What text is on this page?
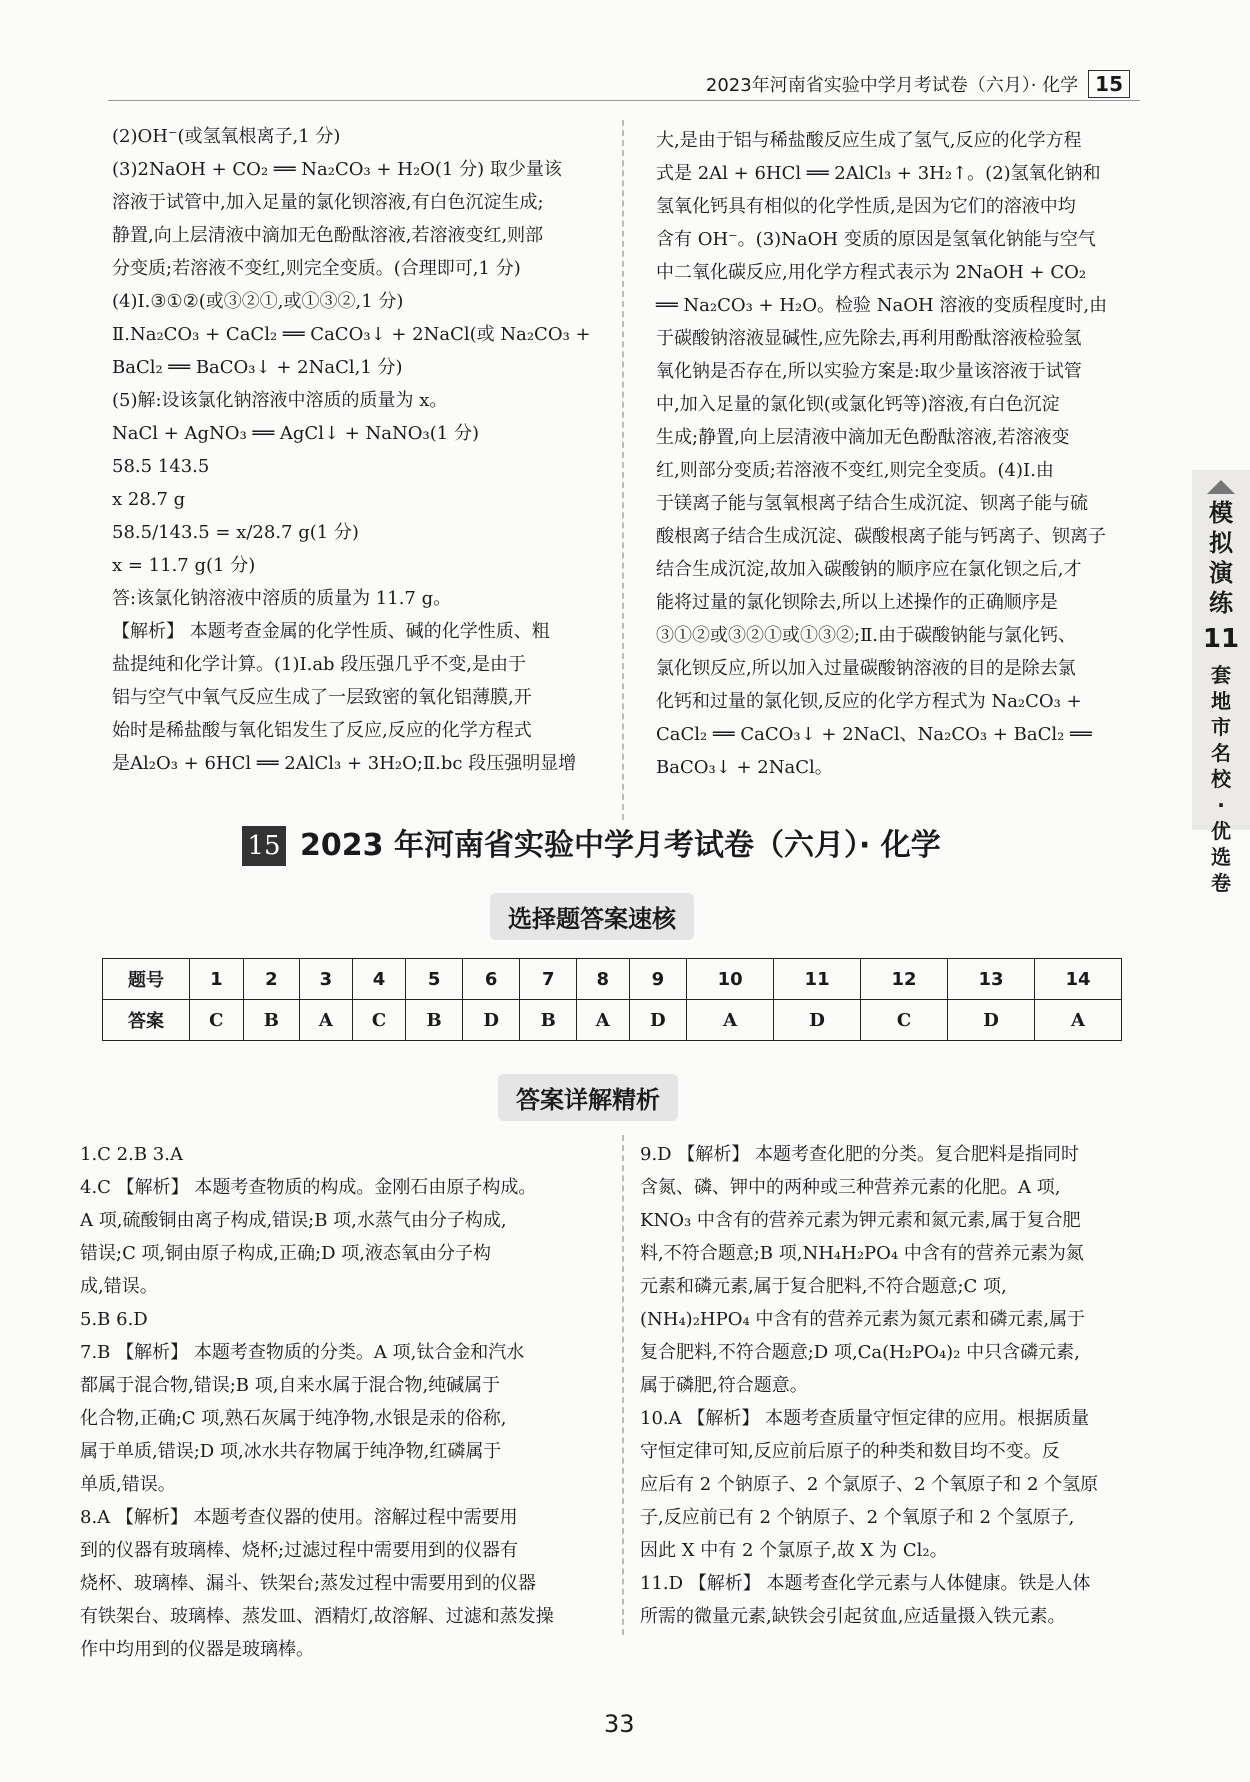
2023年河南省实验中学月考试卷（六月）· 化学 15

(2)OH⁻(或氢氧根离子,1 分)

(3)2NaOH + CO₂ ══ Na₂CO₃ + H₂O(1 分) 取少量该

溶液于试管中,加入足量的氯化钡溶液,有白色沉淀生成;

静置,向上层清液中滴加无色酚酞溶液,若溶液变红,则部

分变质;若溶液不变红,则完全变质。(合理即可,1 分)

(4)Ⅰ.③①②(或③②①,或①③②,1 分)

Ⅱ.Na₂CO₃ + CaCl₂ ══ CaCO₃↓ + 2NaCl(或 Na₂CO₃ +

BaCl₂ ══ BaCO₃↓ + 2NaCl,1 分)

(5)解:设该氯化钠溶液中溶质的质量为 x。

NaCl + AgNO₃ ══ AgCl↓ + NaNO₃(1 分)

58.5 143.5

x 28.7 g

58.5/143.5 = x/28.7 g(1 分)

x = 11.7 g(1 分)

答:该氯化钠溶液中溶质的质量为 11.7 g。

【解析】 本题考查金属的化学性质、碱的化学性质、粗

盐提纯和化学计算。(1)Ⅰ.ab 段压强几乎不变,是由于

铝与空气中氧气反应生成了一层致密的氧化铝薄膜,开

始时是稀盐酸与氧化铝发生了反应,反应的化学方程式

是Al₂O₃ + 6HCl ══ 2AlCl₃ + 3H₂O;Ⅱ.bc 段压强明显增

大,是由于铝与稀盐酸反应生成了氢气,反应的化学方程

式是 2Al + 6HCl ══ 2AlCl₃ + 3H₂↑。(2)氢氧化钠和

氢氧化钙具有相似的化学性质,是因为它们的溶液中均

含有 OH⁻。(3)NaOH 变质的原因是氢氧化钠能与空气

中二氧化碳反应,用化学方程式表示为 2NaOH + CO₂

══ Na₂CO₃ + H₂O。检验 NaOH 溶液的变质程度时,由

于碳酸钠溶液显碱性,应先除去,再利用酚酞溶液检验氢

氧化钠是否存在,所以实验方案是:取少量该溶液于试管

中,加入足量的氯化钡(或氯化钙等)溶液,有白色沉淀

生成;静置,向上层清液中滴加无色酚酞溶液,若溶液变

红,则部分变质;若溶液不变红,则完全变质。(4)Ⅰ.由

于镁离子能与氢氧根离子结合生成沉淀、钡离子能与硫

酸根离子结合生成沉淀、碳酸根离子能与钙离子、钡离子

结合生成沉淀,故加入碳酸钠的顺序应在氯化钡之后,才

能将过量的氯化钡除去,所以上述操作的正确顺序是

③①②或③②①或①③②;Ⅱ.由于碳酸钠能与氯化钙、

氯化钡反应,所以加入过量碳酸钠溶液的目的是除去氯

化钙和过量的氯化钡,反应的化学方程式为 Na₂CO₃ +

CaCl₂ ══ CaCO₃↓ + 2NaCl、Na₂CO₃ + BaCl₂ ══

BaCO₃↓ + 2NaCl。

模
拟
演
练
11
套
地
市
名
校
·
优
选
卷
15 2023 年河南省实验中学月考试卷（六月）· 化学
选择题答案速核
题号	1	2	3	4	5	6	7	8	9	10	11	12	13	14
答案	C	B	A	C	B	D	B	A	D	A	D	C	D	A
答案详解精析

1.C 2.B 3.A

4.C 【解析】 本题考查物质的构成。金刚石由原子构成。

A 项,硫酸铜由离子构成,错误;B 项,水蒸气由分子构成,

错误;C 项,铜由原子构成,正确;D 项,液态氧由分子构

成,错误。

5.B 6.D

7.B 【解析】 本题考查物质的分类。A 项,钛合金和汽水

都属于混合物,错误;B 项,自来水属于混合物,纯碱属于

化合物,正确;C 项,熟石灰属于纯净物,水银是汞的俗称,

属于单质,错误;D 项,冰水共存物属于纯净物,红磷属于

单质,错误。

8.A 【解析】 本题考查仪器的使用。溶解过程中需要用

到的仪器有玻璃棒、烧杯;过滤过程中需要用到的仪器有

烧杯、玻璃棒、漏斗、铁架台;蒸发过程中需要用到的仪器

有铁架台、玻璃棒、蒸发皿、酒精灯,故溶解、过滤和蒸发操

作中均用到的仪器是玻璃棒。

9.D 【解析】 本题考查化肥的分类。复合肥料是指同时

含氮、磷、钾中的两种或三种营养元素的化肥。A 项,

KNO₃ 中含有的营养元素为钾元素和氮元素,属于复合肥

料,不符合题意;B 项,NH₄H₂PO₄ 中含有的营养元素为氮

元素和磷元素,属于复合肥料,不符合题意;C 项,

(NH₄)₂HPO₄ 中含有的营养元素为氮元素和磷元素,属于

复合肥料,不符合题意;D 项,Ca(H₂PO₄)₂ 中只含磷元素,

属于磷肥,符合题意。

10.A 【解析】 本题考查质量守恒定律的应用。根据质量

守恒定律可知,反应前后原子的种类和数目均不变。反

应后有 2 个钠原子、2 个氯原子、2 个氧原子和 2 个氢原

子,反应前已有 2 个钠原子、2 个氧原子和 2 个氢原子,

因此 X 中有 2 个氯原子,故 X 为 Cl₂。

11.D 【解析】 本题考查化学元素与人体健康。铁是人体

所需的微量元素,缺铁会引起贫血,应适量摄入铁元素。

33
